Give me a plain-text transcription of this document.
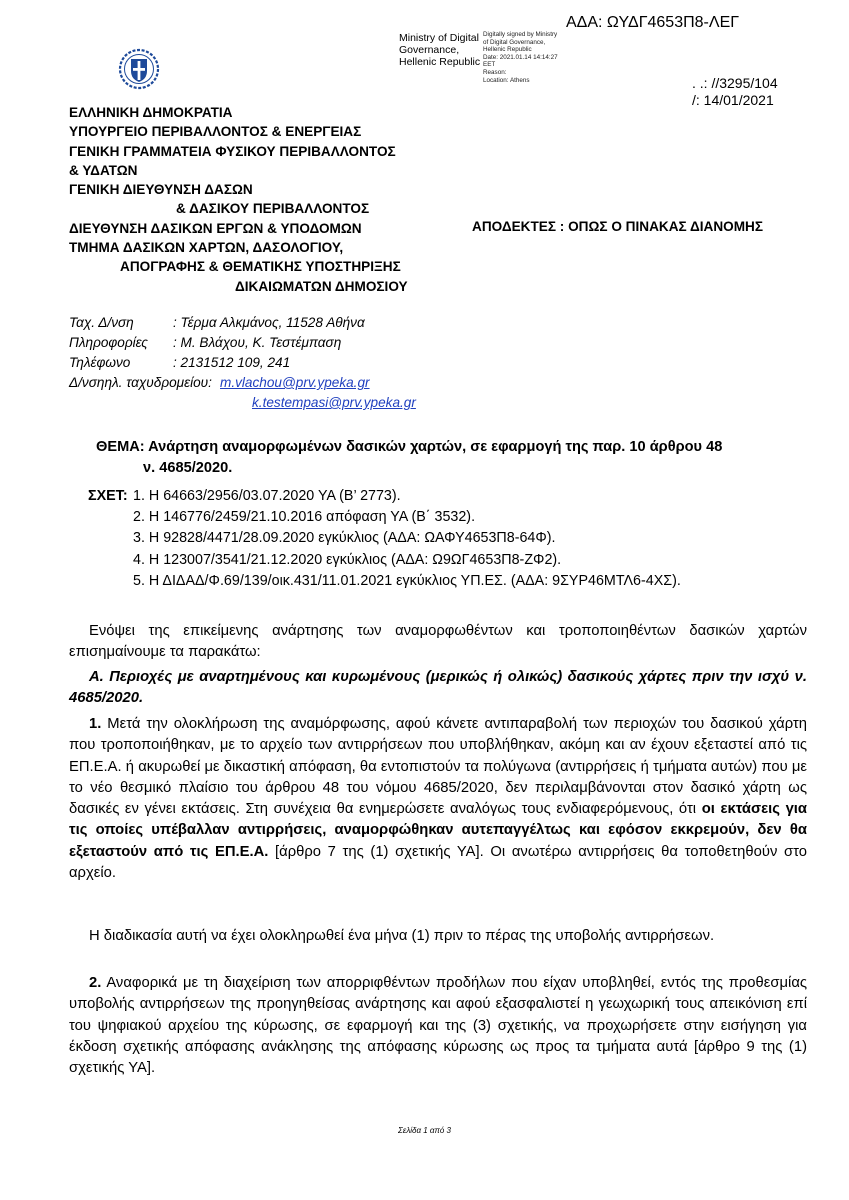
ΑΔΑ: ΩΥΔΓ4653Π8-ΛΕΓ
Ministry of Digital
Governance,
Hellenic Republic
Digitally signed by Ministry
of Digital Governance,
Hellenic Republic
Date: 2021.01.14 14:14:27
EET
Reason:
Location: Athens	. .: //3295/104
/: 14/01/2021
ΕΛΛΗΝΙΚΗ ΔΗΜΟΚΡΑΤΙΑ
ΥΠΟΥΡΓΕΙΟ ΠΕΡΙΒΑΛΛΟΝΤΟΣ & ΕΝΕΡΓΕΙΑΣ
ΓΕΝΙΚΗ ΓΡΑΜΜΑΤΕΙΑ ΦΥΣΙΚΟΥ ΠΕΡΙΒΑΛΛΟΝΤΟΣ
& ΥΔΑΤΩΝ
ΓΕΝΙΚΗ ΔΙΕΥΘΥΝΣΗ ΔΑΣΩΝ
& ΔΑΣΙΚΟΥ ΠΕΡΙΒΑΛΛΟΝΤΟΣ
ΔΙΕΥΘΥΝΣΗ ΔΑΣΙΚΩΝ ΕΡΓΩΝ & ΥΠΟΔΟΜΩΝ
ΤΜΗΜΑ ΔΑΣΙΚΩΝ ΧΑΡΤΩΝ, ΔΑΣΟΛΟΓΙΟΥ,
ΑΠΟΓΡΑΦΗΣ & ΘΕΜΑΤΙΚΗΣ ΥΠΟΣΤΗΡΙΞΗΣ
ΔΙΚΑΙΩΜΑΤΩΝ ΔΗΜΟΣΙΟΥ
ΑΠΟΔΕΚΤΕΣ : ΟΠΩΣ Ο ΠΙΝΑΚΑΣ ΔΙΑΝΟΜΗΣ
Ταχ. Δ/νση	: Τέρμα Αλκμάνος, 11528 Αθήνα
Πληροφορίες : Μ. Βλάχου, Κ. Τεστέμπαση
Τηλέφωνο	: 2131512 109, 241
Δ/νσηηλ. ταχυδρομείου: m.vlachou@prv.ypeka.gr
k.testempasi@prv.ypeka.gr
ΘΕΜΑ: Ανάρτηση αναμορφωμένων δασικών χαρτών, σε εφαρμογή της παρ. 10 άρθρου 48
ν. 4685/2020.
ΣΧΕΤ: 1. Η 64663/2956/03.07.2020 ΥΑ (Β’ 2773).
2. Η 146776/2459/21.10.2016 απόφαση ΥΑ (Β΄ 3532).
3. Η 92828/4471/28.09.2020 εγκύκλιος (ΑΔΑ: ΩΑΦΥ4653Π8-64Φ).
4. Η 123007/3541/21.12.2020 εγκύκλιος (ΑΔΑ: Ω9ΩΓ4653Π8-ΖΦ2).
5. Η ΔΙΔΑΔ/Φ.69/139/οικ.431/11.01.2021 εγκύκλιος ΥΠ.ΕΣ. (ΑΔΑ: 9ΣΥΡ46ΜΤΛ6-4ΧΣ).
Ενόψει της επικείμενης ανάρτησης των αναμορφωθέντων και τροποποιηθέντων δασικών χαρτών επισημαίνουμε τα παρακάτω:
Α. Περιοχές με αναρτημένους και κυρωμένους (μερικώς ή ολικώς) δασικούς χάρτες πριν την ισχύ ν. 4685/2020.
1. Μετά την ολοκλήρωση της αναμόρφωσης, αφού κάνετε αντιπαραβολή των περιοχών του δασικού χάρτη που τροποποιήθηκαν, με το αρχείο των αντιρρήσεων που υποβλήθηκαν, ακόμη και αν έχουν εξεταστεί από τις ΕΠ.Ε.Α. ή ακυρωθεί με δικαστική απόφαση, θα εντοπιστούν τα πολύγωνα (αντιρρήσεις ή τμήματα αυτών) που με το νέο θεσμικό πλαίσιο του άρθρου 48 του νόμου 4685/2020, δεν περιλαμβάνονται στον δασικό χάρτη ως δασικές εν γένει εκτάσεις. Στη συνέχεια θα ενημερώσετε αναλόγως τους ενδιαφερόμενους, ότι οι εκτάσεις για τις οποίες υπέβαλλαν αντιρρήσεις, αναμορφώθηκαν αυτεπαγγέλτως και εφόσον εκκρεμούν, δεν θα εξεταστούν από τις ΕΠ.Ε.Α. [άρθρο 7 της (1) σχετικής ΥΑ]. Οι ανωτέρω αντιρρήσεις θα τοποθετηθούν στο αρχείο.
Η διαδικασία αυτή να έχει ολοκληρωθεί ένα μήνα (1) πριν το πέρας της υποβολής αντιρρήσεων.
2. Αναφορικά με τη διαχείριση των απορριφθέντων προδήλων που είχαν υποβληθεί, εντός της προθεσμίας υποβολής αντιρρήσεων της προηγηθείσας ανάρτησης και αφού εξασφαλιστεί η γεωχωρική τους απεικόνιση επί του ψηφιακού αρχείου της κύρωσης, σε εφαρμογή και της (3) σχετικής, να προχωρήσετε στην εισήγηση για έκδοση σχετικής απόφασης ανάκλησης της απόφασης κύρωσης ως προς τα τμήματα αυτά [άρθρο 9 της (1) σχετικής ΥΑ].
Σελίδα 1 από 3
